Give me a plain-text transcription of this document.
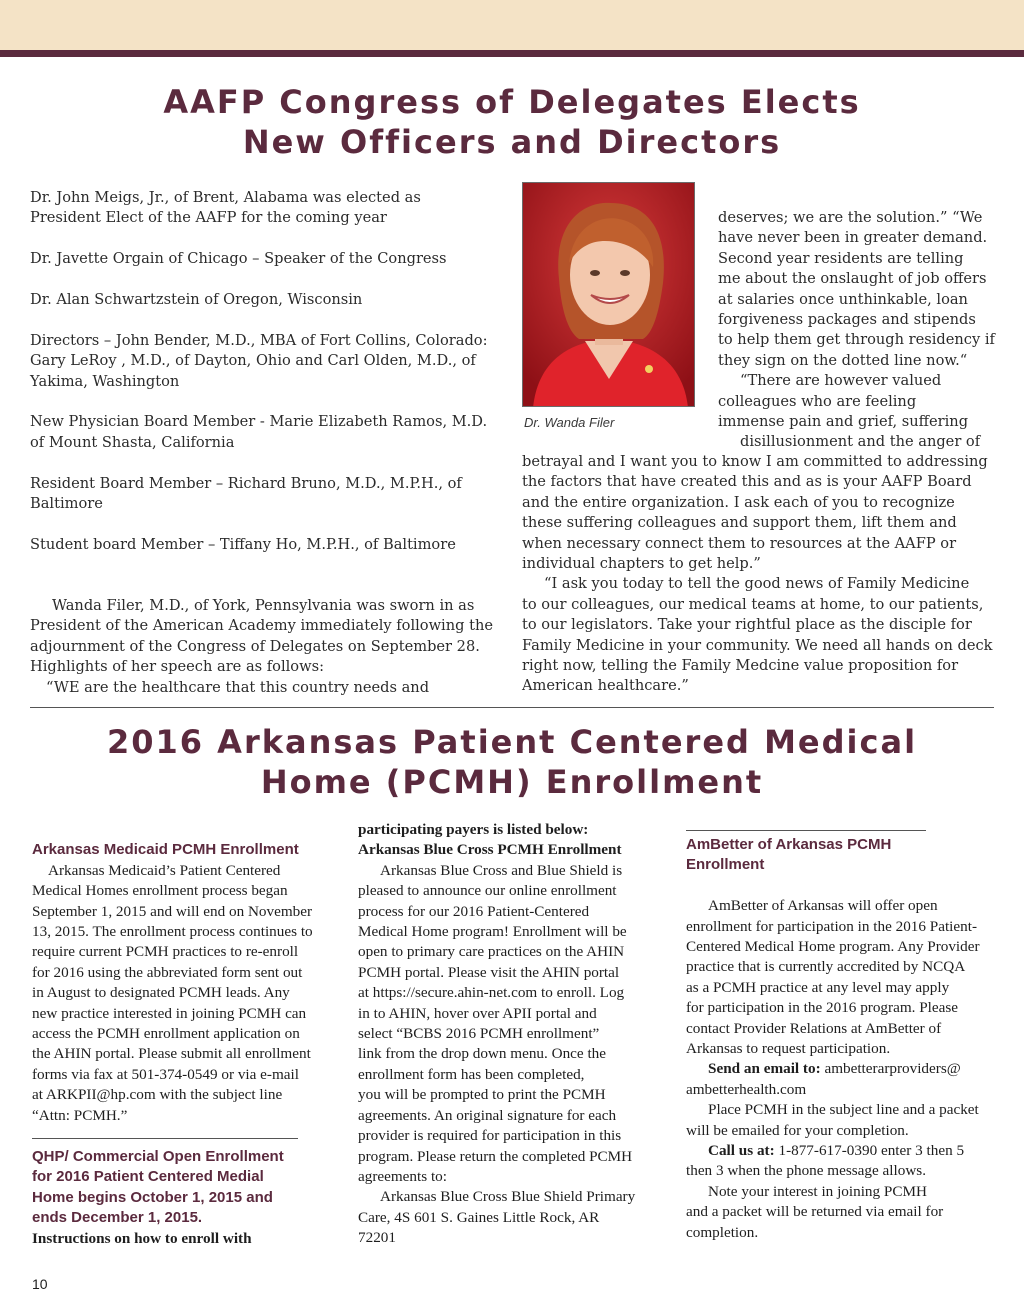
AAFP Congress of Delegates Elects
New Officers and Directors

Dr. John Meigs, Jr., of Brent, Alabama was elected as

President Elect of the AAFP for the coming year

Dr. Javette Orgain of Chicago – Speaker of the Congress

Dr. Alan Schwartzstein of Oregon, Wisconsin

Directors – John Bender, M.D., MBA of Fort Collins, Colorado:

Gary LeRoy , M.D., of Dayton, Ohio and Carl Olden, M.D., of

Yakima, Washington

New Physician Board Member - Marie Elizabeth Ramos, M.D.

of Mount Shasta, California

Resident Board Member – Richard Bruno, M.D., M.P.H., of

Baltimore

Student board Member – Tiffany Ho, M.P.H., of Baltimore

Wanda Filer, M.D., of York, Pennsylvania was sworn in as

President of the American Academy immediately following the

adjournment of the Congress of Delegates on September 28.

Highlights of her speech are as follows:

“WE are the healthcare that this country needs and

Dr. Wanda Filer

deserves; we are the solution.” “We

have never been in greater demand.

Second year residents are telling

me about the onslaught of job offers

at salaries once unthinkable, loan

forgiveness packages and stipends

to help them get through residency if

they sign on the dotted line now.“

“There are however valued

colleagues who are feeling

immense pain and grief, suffering

disillusionment and the anger of

betrayal and I want you to know I am committed to addressing

the factors that have created this and as is your AAFP Board

and the entire organization. I ask each of you to recognize

these suffering colleagues and support them, lift them and

when necessary connect them to resources at the AAFP or

individual chapters to get help.”

“I ask you today to tell the good news of Family Medicine

to our colleagues, our medical teams at home, to our patients,

to our legislators. Take your rightful place as the disciple for

Family Medicine in your community. We need all hands on deck

right now, telling the Family Medcine value proposition for

American healthcare.”

2016 Arkansas Patient Centered Medical
Home (PCMH) Enrollment

Arkansas Medicaid PCMH Enrollment

Arkansas Medicaid’s Patient Centered

Medical Homes enrollment process began

September 1, 2015 and will end on November

13, 2015. The enrollment process continues to

require current PCMH practices to re-enroll

for 2016 using the abbreviated form sent out

in August to designated PCMH leads. Any

new practice interested in joining PCMH can

access the PCMH enrollment application on

the AHIN portal. Please submit all enrollment

forms via fax at 501-374-0549 or via e-mail

at ARKPII@hp.com with the subject line

“Attn: PCMH.”

QHP/ Commercial Open Enrollment

for 2016 Patient Centered Medial

Home begins October 1, 2015 and

ends December 1, 2015.

Instructions on how to enroll with

participating payers is listed below:

Arkansas Blue Cross PCMH Enrollment

Arkansas Blue Cross and Blue Shield is

pleased to announce our online enrollment

process for our 2016 Patient-Centered

Medical Home program! Enrollment will be

open to primary care practices on the AHIN

PCMH portal. Please visit the AHIN portal

at https://secure.ahin-net.com to enroll. Log

in to AHIN, hover over APII portal and

select “BCBS 2016 PCMH enrollment”

link from the drop down menu. Once the

enrollment form has been completed,

you will be prompted to print the PCMH

agreements. An original signature for each

provider is required for participation in this

program. Please return the completed PCMH

agreements to:

Arkansas Blue Cross Blue Shield Primary

Care, 4S 601 S. Gaines Little Rock, AR

72201

AmBetter of Arkansas PCMH

Enrollment

AmBetter of Arkansas will offer open

enrollment for participation in the 2016 Patient-

Centered Medical Home program. Any Provider

practice that is currently accredited by NCQA

as a PCMH practice at any level may apply

for participation in the 2016 program. Please

contact Provider Relations at AmBetter of

Arkansas to request participation.

Send an email to: ambetterarproviders@

ambetterhealth.com

Place PCMH in the subject line and a packet

will be emailed for your completion.

Call us at: 1-877-617-0390 enter 3 then 5

then 3 when the phone message allows.

Note your interest in joining PCMH

and a packet will be returned via email for

completion.

10
